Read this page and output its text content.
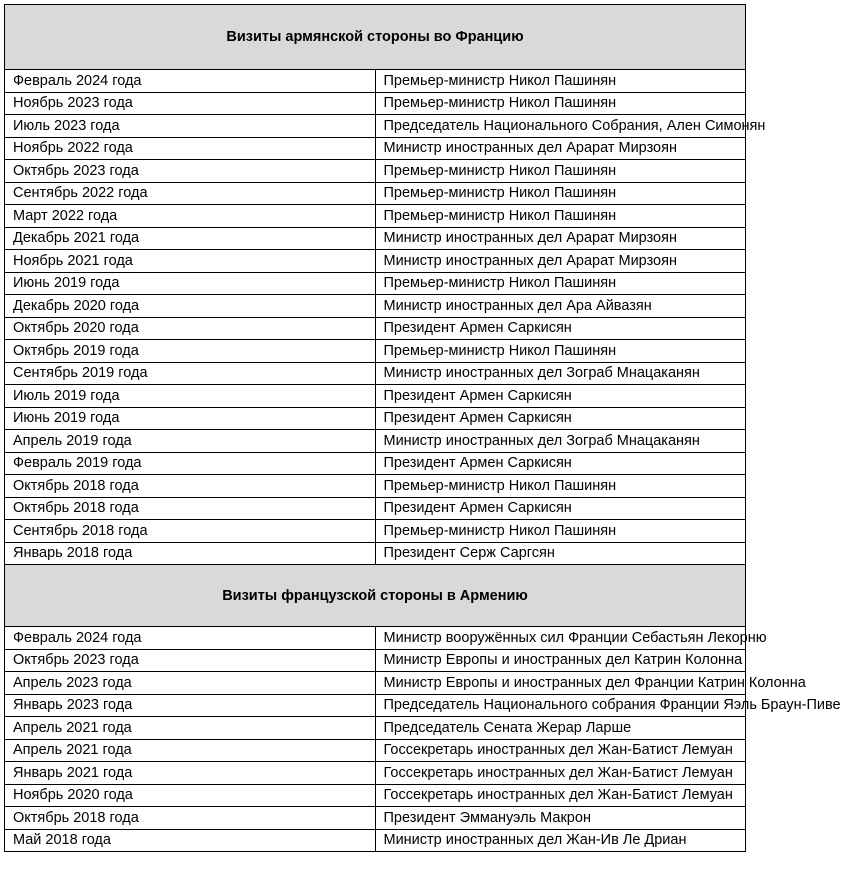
Визиты армянской стороны во Францию	
Февраль 2024 года	Премьер-министр Никол Пашинян
Ноябрь 2023 года	Премьер-министр Никол Пашинян
Июль 2023 года	Председатель Национального Собрания, Ален Симонян
Ноябрь 2022 года	Министр иностранных дел Арарат Мирзоян
Октябрь 2023 года	Премьер-министр Никол Пашинян
Сентябрь 2022 года	Премьер-министр Никол Пашинян
Март 2022 года	Премьер-министр Никол Пашинян
Декабрь 2021 года	Министр иностранных дел Арарат Мирзоян
Ноябрь 2021 года	Министр иностранных дел Арарат Мирзоян
Июнь 2019 года	Премьер-министр Никол Пашинян
Декабрь 2020 года	Министр иностранных дел Ара Айвазян
Октябрь 2020 года	Президент Армен Саркисян
Октябрь 2019 года	Премьер-министр Никол Пашинян
Сентябрь 2019 года	Министр иностранных дел Зограб Мнацаканян
Июль 2019 года	Президент Армен Саркисян
Июнь 2019 года	Президент Армен Саркисян
Апрель 2019 года	Министр иностранных дел Зограб Мнацаканян
Февраль 2019 года	Президент Армен Саркисян
Октябрь 2018 года	Премьер-министр Никол Пашинян
Октябрь 2018 года	Президент Армен Саркисян
Сентябрь 2018 года	Премьер-министр Никол Пашинян
Январь 2018 года	Президент Серж Саргсян
Визиты французской стороны в Армению	
Февраль 2024 года	Министр вооружённых сил Франции Себастьян Лекорню
Октябрь 2023 года	Министр Европы и иностранных дел Катрин Колонна
Апрель 2023 года	Министр Европы и иностранных дел Франции Катрин Колонна
Январь 2023 года	Председатель Национального собрания Франции Яэль Браун-Пиве
Апрель 2021 года	Председатель Сената Жерар Ларше
Апрель 2021 года	Госсекретарь иностранных дел Жан-Батист Лемуан
Январь 2021 года	Госсекретарь иностранных дел Жан-Батист Лемуан
Ноябрь 2020 года	Госсекретарь иностранных дел Жан-Батист Лемуан
Октябрь 2018 года	Президент Эммануэль Макрон
Май 2018 года	Министр иностранных дел Жан-Ив Ле Дриан
